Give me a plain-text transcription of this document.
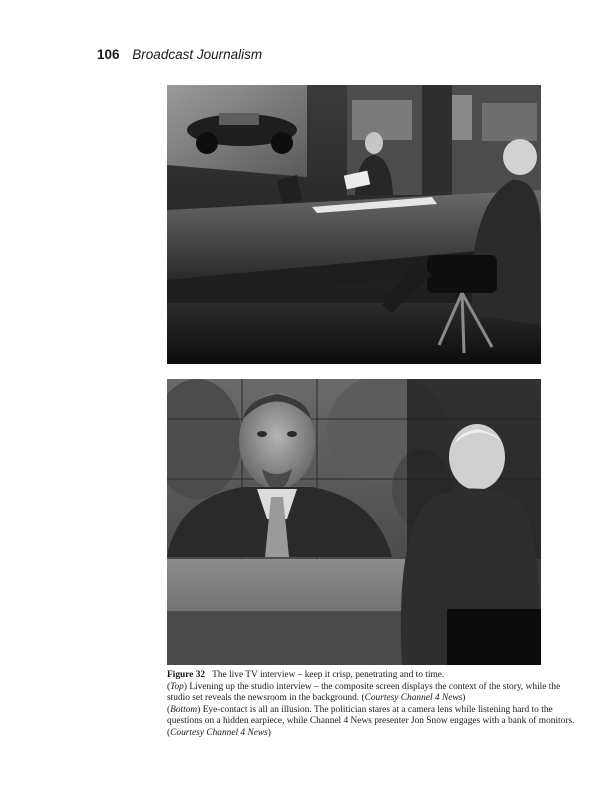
106 Broadcast Journalism
Figure 32 The live TV interview – keep it crisp, penetrating and to time.
(Top) Livening up the studio interview – the composite screen displays the context of the story, while the
studio set reveals the newsroom in the background. (Courtesy Channel 4 News)
(Bottom) Eye-contact is all an illusion. The politician stares at a camera lens while listening hard to the
questions on a hidden earpiece, while Channel 4 News presenter Jon Snow engages with a bank of monitors.
(Courtesy Channel 4 News)
